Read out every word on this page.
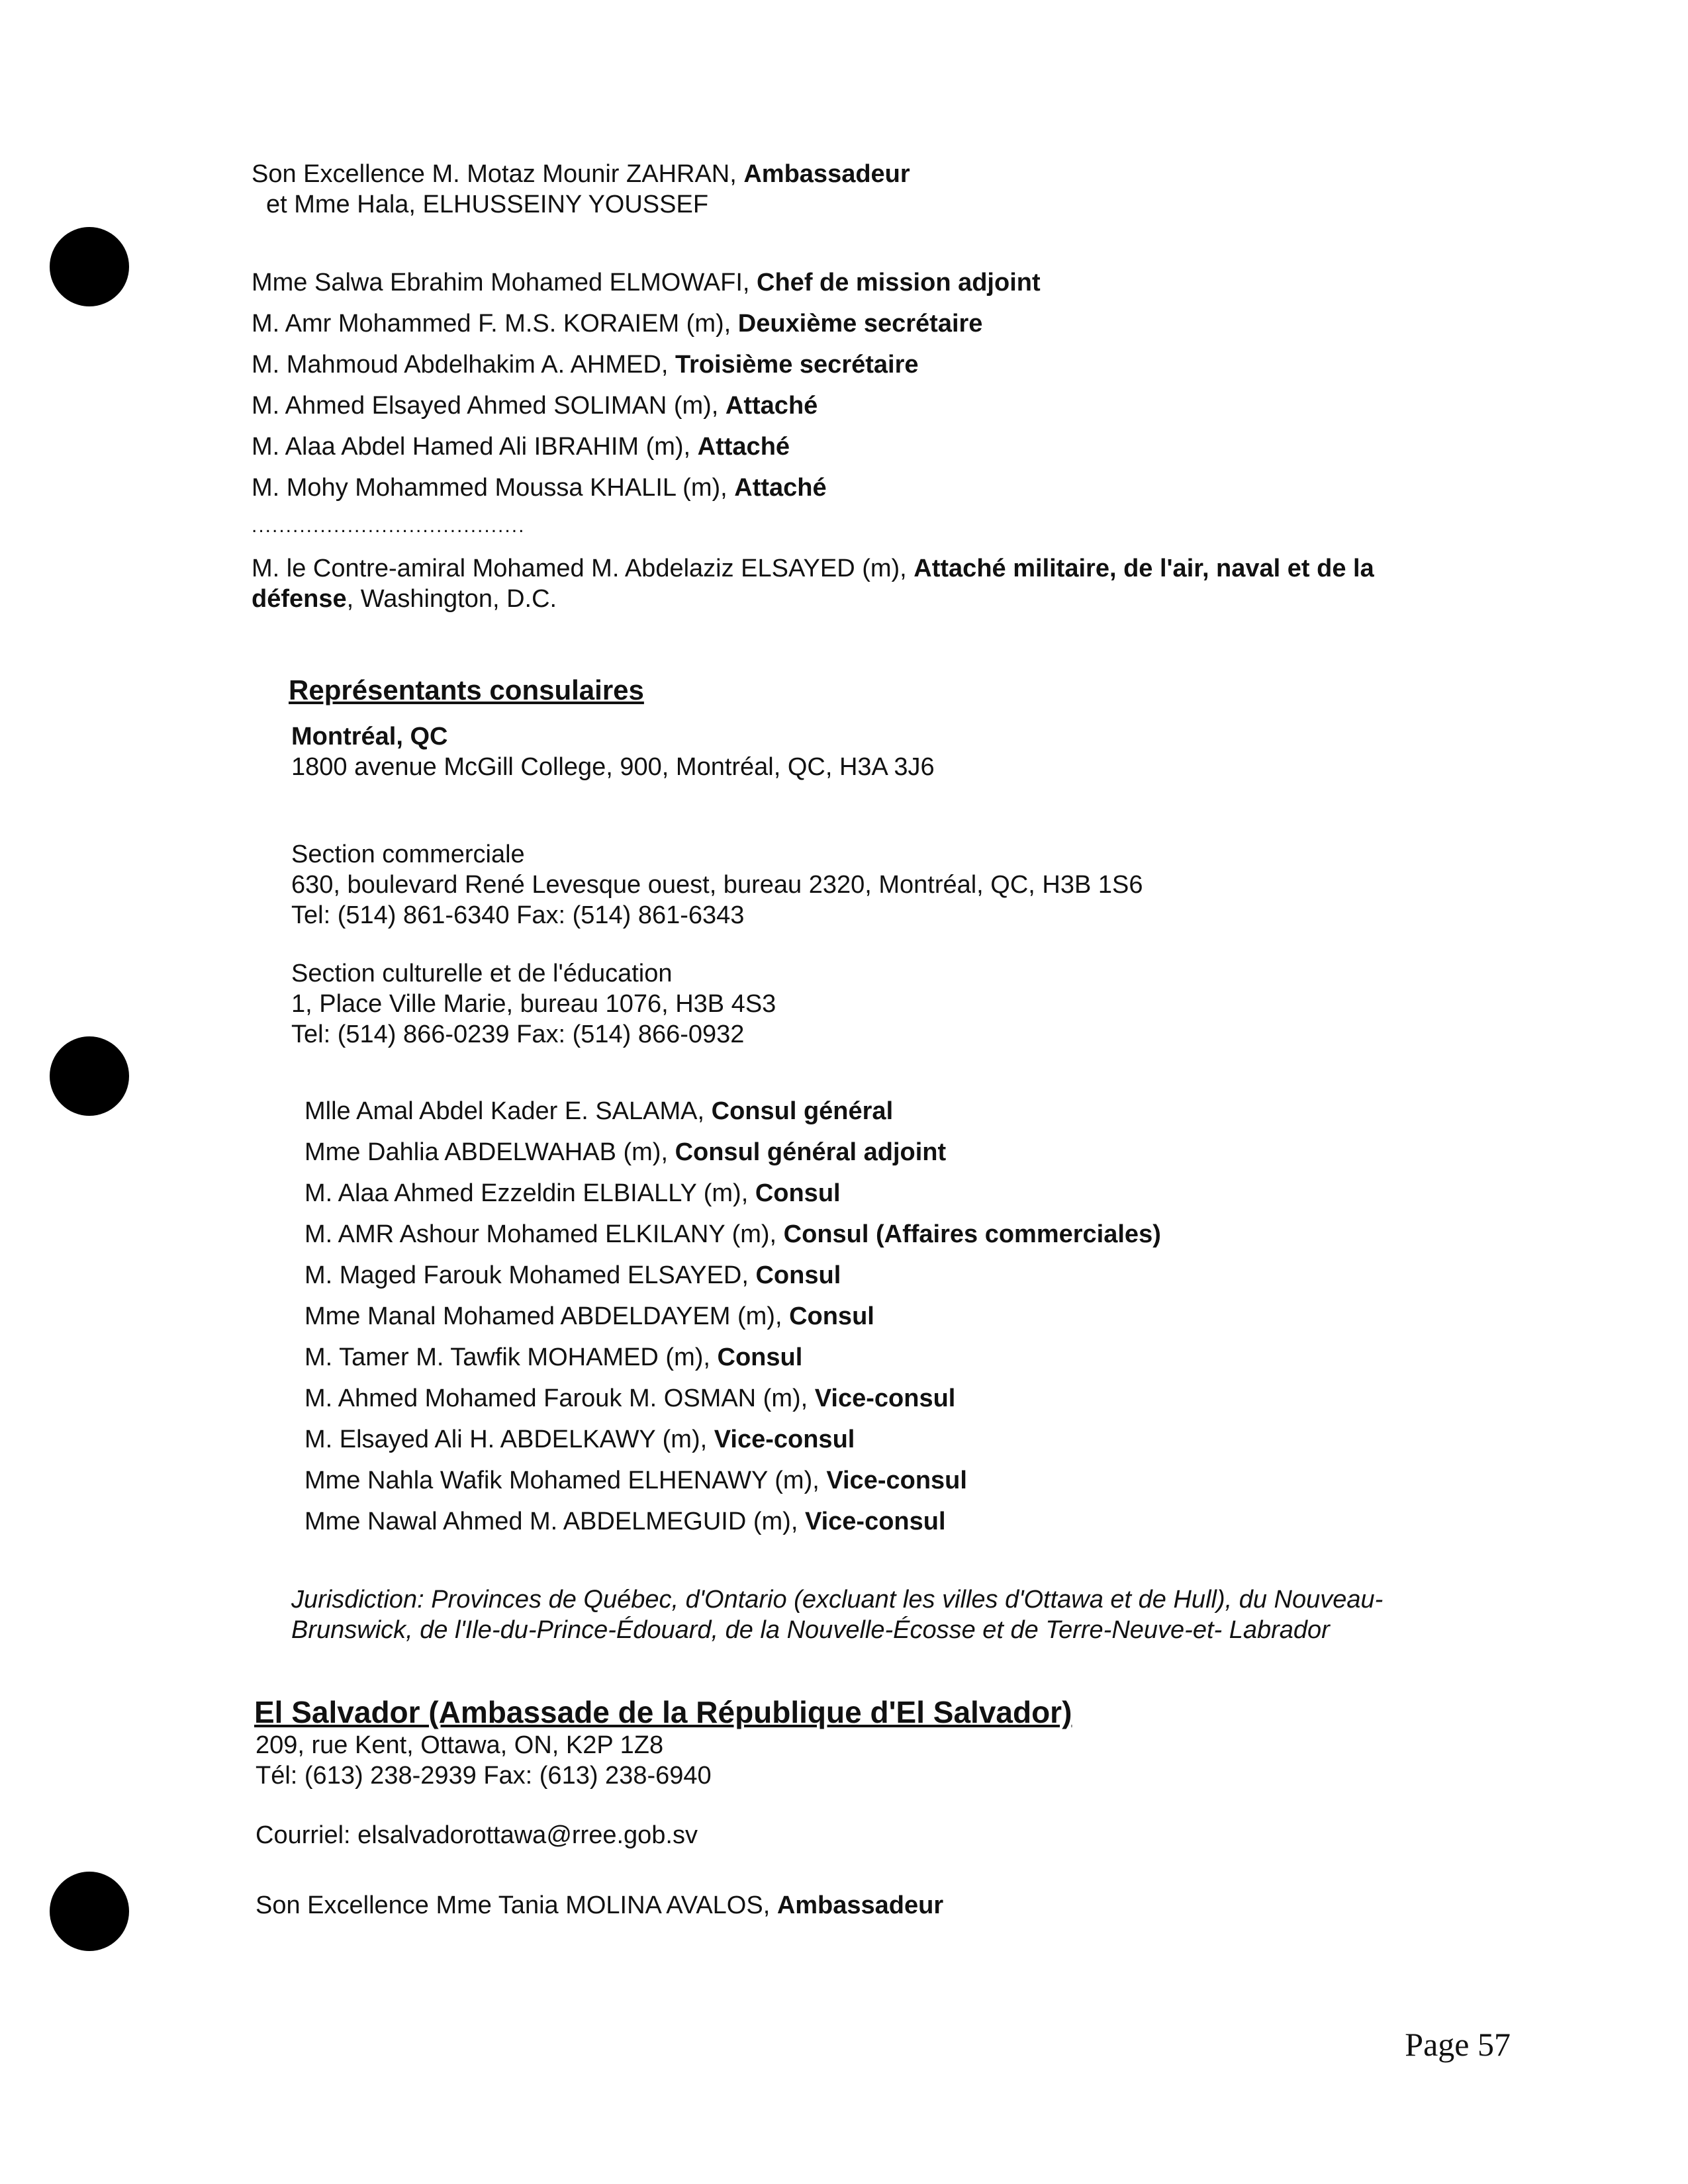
Son Excellence M. Motaz Mounir ZAHRAN, Ambassadeur
et Mme Hala, ELHUSSEINY YOUSSEF
Mme Salwa Ebrahim Mohamed ELMOWAFI, Chef de mission adjoint
M. Amr Mohammed F. M.S. KORAIEM (m), Deuxième secrétaire
M. Mahmoud Abdelhakim A. AHMED, Troisième secrétaire
M. Ahmed Elsayed Ahmed SOLIMAN (m), Attaché
M. Alaa Abdel Hamed Ali IBRAHIM (m), Attaché
M. Mohy Mohammed Moussa KHALIL (m), Attaché
........................................
M. le Contre-amiral Mohamed M. Abdelaziz ELSAYED (m), Attaché militaire, de l'air, naval et de la
défense, Washington, D.C.
Représentants consulaires
Montréal, QC
1800 avenue McGill College, 900, Montréal, QC, H3A 3J6
Section commerciale
630, boulevard René Levesque ouest, bureau 2320, Montréal, QC, H3B 1S6
Tel: (514) 861-6340 Fax: (514) 861-6343
Section culturelle et de l'éducation
1, Place Ville Marie, bureau 1076, H3B 4S3
Tel: (514) 866-0239 Fax: (514) 866-0932
Mlle Amal Abdel Kader E. SALAMA, Consul général
Mme Dahlia ABDELWAHAB (m), Consul général adjoint
M. Alaa Ahmed Ezzeldin ELBIALLY (m), Consul
M. AMR Ashour Mohamed ELKILANY (m), Consul (Affaires commerciales)
M. Maged Farouk Mohamed ELSAYED, Consul
Mme Manal Mohamed ABDELDAYEM (m), Consul
M. Tamer M. Tawfik MOHAMED (m), Consul
M. Ahmed Mohamed Farouk M. OSMAN (m), Vice-consul
M. Elsayed Ali H. ABDELKAWY (m), Vice-consul
Mme Nahla Wafik Mohamed ELHENAWY (m), Vice-consul
Mme Nawal Ahmed M. ABDELMEGUID (m), Vice-consul
Jurisdiction: Provinces de Québec, d'Ontario (excluant les villes d'Ottawa et de Hull), du Nouveau-
Brunswick, de l'Ile-du-Prince-Édouard, de la Nouvelle-Écosse et de Terre-Neuve-et- Labrador
El Salvador (Ambassade de la République d'El Salvador)
209, rue Kent, Ottawa, ON, K2P 1Z8
Tél: (613) 238-2939 Fax: (613) 238-6940
Courriel: elsalvadorottawa@rree.gob.sv
Son Excellence Mme Tania MOLINA AVALOS, Ambassadeur
Page 57
